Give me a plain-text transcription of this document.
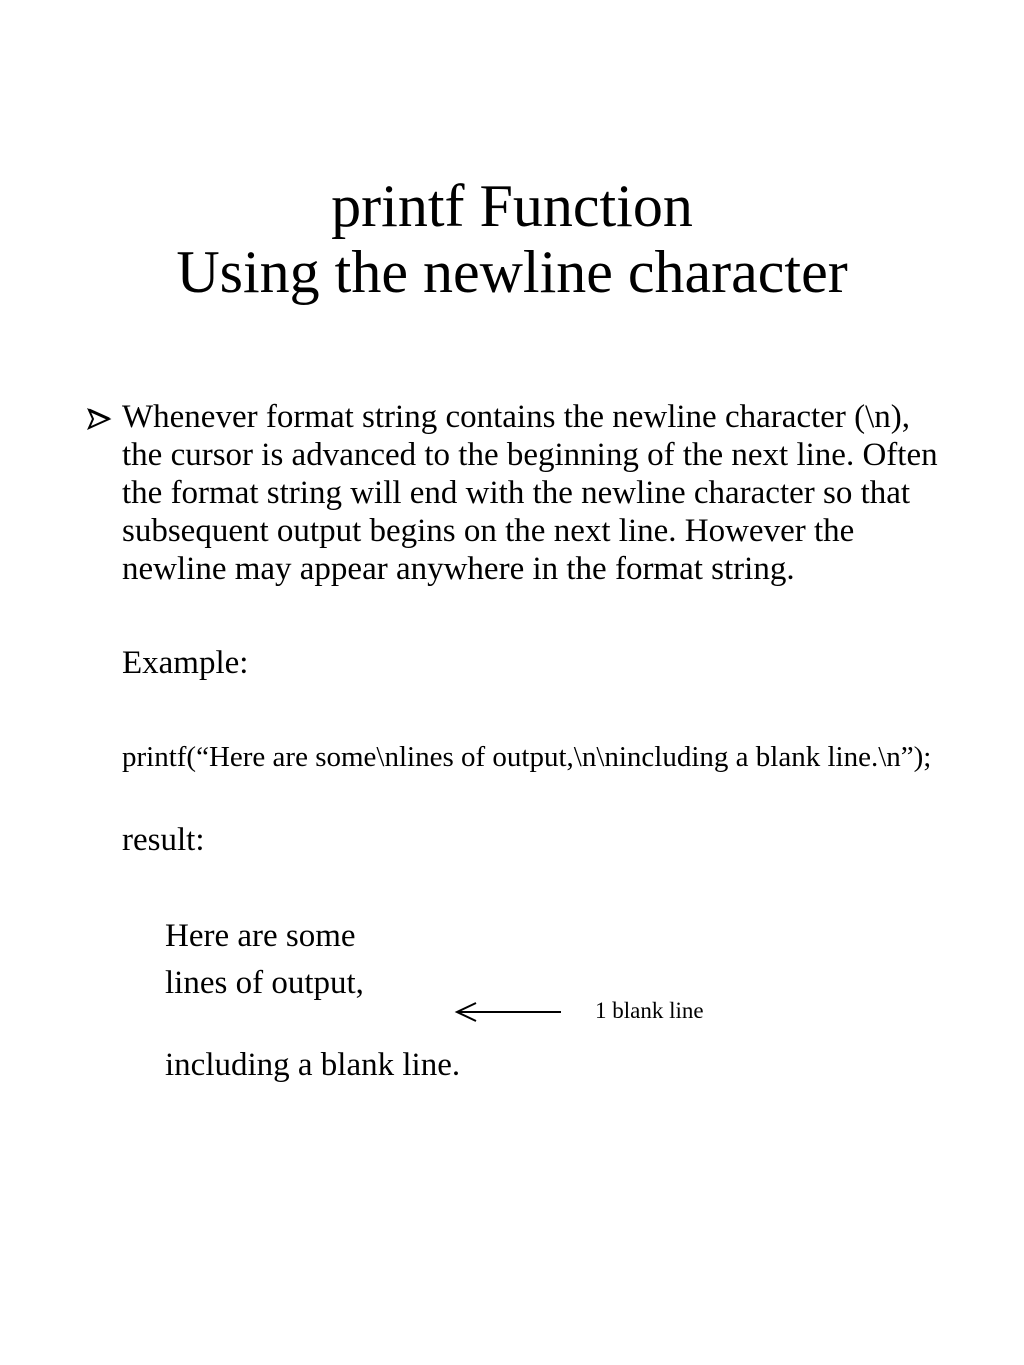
printf Function
Using the newline character
Whenever format string contains the newline character (\n),
the cursor is advanced to the beginning of the next line. Often
the format string will end with the newline character so that
subsequent output begins on the next line. However the
newline may appear anywhere in the format string.
Example:
printf(“Here are some\nlines of output,\n\nincluding a blank line.\n”);
result:
Here are some
lines of output,
1 blank line
including a blank line.
